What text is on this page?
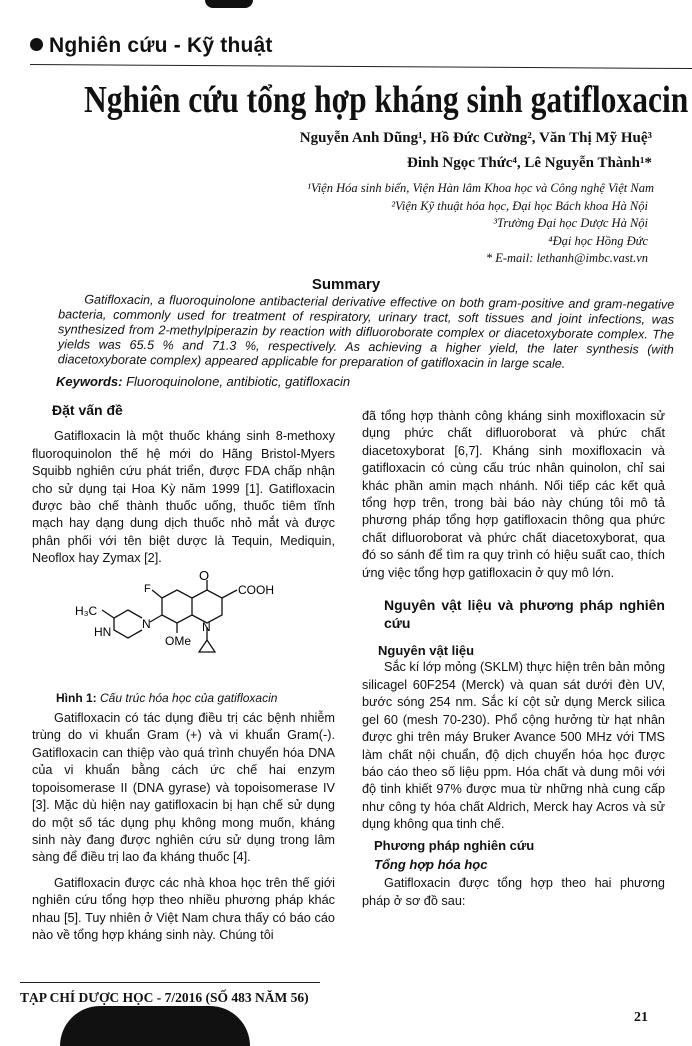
Nghiên cứu - Kỹ thuật
Nghiên cứu tổng hợp kháng sinh gatifloxacin
Nguyễn Anh Dũng¹, Hồ Đức Cường², Văn Thị Mỹ Huệ³
Đinh Ngọc Thức⁴, Lê Nguyễn Thành¹*
¹Viện Hóa sinh biển, Viện Hàn lâm Khoa học và Công nghệ Việt Nam
²Viện Kỹ thuật hóa học, Đại học Bách khoa Hà Nội
³Trường Đại học Dược Hà Nội
⁴Đại học Hồng Đức
* E-mail: lethanh@imbc.vast.vn
Summary
Gatifloxacin, a fluoroquinolone antibacterial derivative effective on both gram-positive and gram-negative bacteria, commonly used for treatment of respiratory, urinary tract, soft tissues and joint infections, was synthesized from 2-methylpiperazin by reaction with difluoroborate complex or diacetoxyborate complex. The yields was 65.5 % and 71.3 %, respectively. As achieving a higher yield, the later synthesis (with diacetoxyborate complex) appeared applicable for preparation of gatifloxacin in large scale.
Keywords: Fluoroquinolone, antibiotic, gatifloxacin
Đặt vấn đề

Gatifloxacin là một thuốc kháng sinh 8-methoxy fluoroquinolon thế hệ mới do Hãng Bristol-Myers Squibb nghiên cứu phát triển, được FDA chấp nhận cho sử dụng tại Hoa Kỳ năm 1999 [1]. Gatifloxacin được bào chế thành thuốc uống, thuốc tiêm tĩnh mạch hay dạng dung dịch thuốc nhỏ mắt và được phân phối với tên biệt dược là Tequin, Mediquin, Neoflox hay Zymax [2].

O
COOH
F
H₃C
HN
N	N
OMe
Hình 1: Cấu trúc hóa học của gatifloxacin

Gatifloxacin có tác dụng điều trị các bệnh nhiễm trùng do vi khuẩn Gram (+) và vi khuẩn Gram(-). Gatifloxacin can thiệp vào quá trình chuyển hóa DNA của vi khuẩn bằng cách ức chế hai enzym topoisomerase II (DNA gyrase) và topoisomerase IV [3]. Mặc dù hiện nay gatifloxacin bị hạn chế sử dụng do một số tác dụng phụ không mong muốn, kháng sinh này đang được nghiên cứu sử dụng trong lâm sàng để điều trị lao đa kháng thuốc [4].

Gatifloxacin được các nhà khoa học trên thế giới nghiên cứu tổng hợp theo nhiều phương pháp khác nhau [5]. Tuy nhiên ở Việt Nam chưa thấy có báo cáo nào về tổng hợp kháng sinh này. Chúng tôi

đã tổng hợp thành công kháng sinh moxifloxacin sử dụng phức chất difluoroborat và phức chất diacetoxyborat [6,7]. Kháng sinh moxifloxacin và gatifloxacin có cùng cấu trúc nhân quinolon, chỉ sai khác phần amin mạch nhánh. Nối tiếp các kết quả tổng hợp trên, trong bài báo này chúng tôi mô tả phương pháp tổng hợp gatifloxacin thông qua phức chất difluoroborat và phức chất diacetoxyborat, qua đó so sánh để tìm ra quy trình có hiệu suất cao, thích ứng việc tổng hợp gatifloxacin ở quy mô lớn.

Nguyên vật liệu và phương pháp nghiên cứu
Nguyên vật liệu

Sắc kí lớp mỏng (SKLM) thực hiện trên bản mỏng silicagel 60F254 (Merck) và quan sát dưới đèn UV, bước sóng 254 nm. Sắc kí cột sử dụng Merck silica gel 60 (mesh 70-230). Phổ cộng hưởng từ hạt nhân được ghi trên máy Bruker Avance 500 MHz với TMS làm chất nội chuẩn, độ dịch chuyển hóa học được báo cáo theo số liệu ppm. Hóa chất và dung môi với độ tinh khiết 97% được mua từ những nhà cung cấp như công ty hóa chất Aldrich, Merck hay Acros và sử dụng không qua tinh chế.

Phương pháp nghiên cứu
Tổng hợp hóa học

Gatifloxacin được tổng hợp theo hai phương pháp ở sơ đồ sau:

TẠP CHÍ DƯỢC HỌC - 7/2016 (SỐ 483 NĂM 56)
21
